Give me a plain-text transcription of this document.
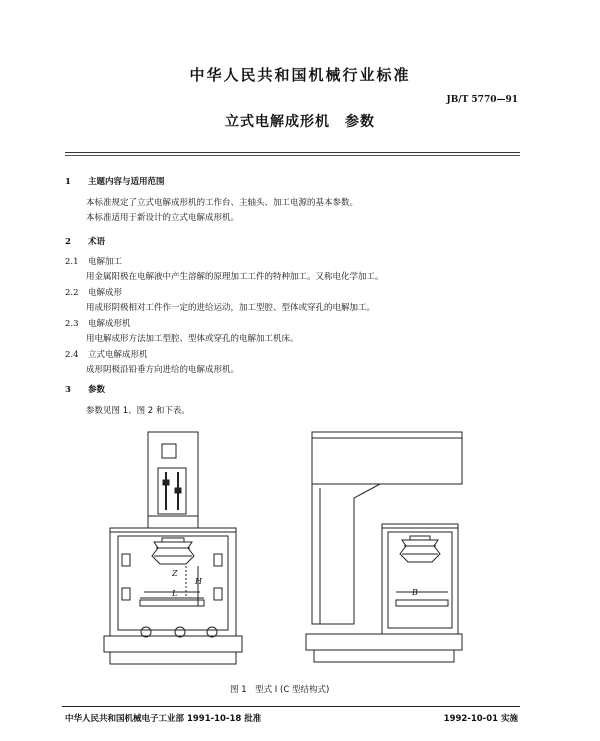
中华人民共和国机械行业标准
JB/T 5770—91
立式电解成形机　参数
1 主题内容与适用范围
本标准规定了立式电解成形机的工作台、主轴头、加工电源的基本参数。
本标准适用于新设计的立式电解成形机。
2 术语
2.1 电解加工
用金属阳极在电解液中产生溶解的原理加工工件的特种加工。又称电化学加工。
2.2 电解成形
用成形阴极相对工件作一定的进给运动，加工型腔、型体或穿孔的电解加工。
2.3 电解成形机
用电解成形方法加工型腔、型体或穿孔的电解加工机床。
2.4 立式电解成形机
成形阴极沿铅垂方向进给的电解成形机。
3 参数
参数见图 1、图 2 和下表。
Z
H
L	B
图 1　型式 I (C 型结构式)
中华人民共和国机械电子工业部 1991-10-18 批准	1992-10-01 实施
